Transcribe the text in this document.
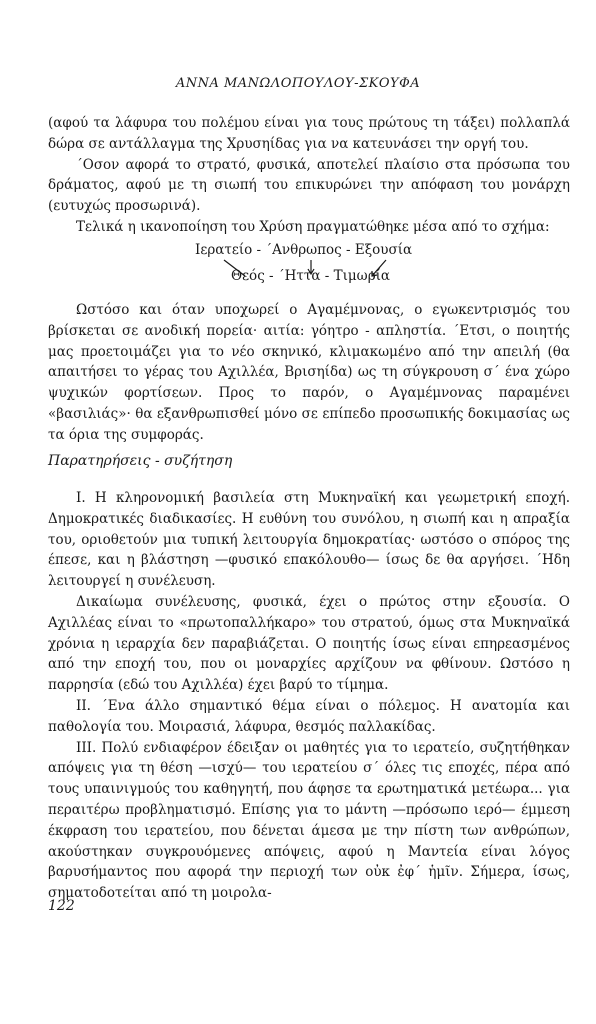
ΑΝΝΑ ΜΑΝΩΛΟΠΟΥΛΟΥ-ΣΚΟΥΦΑ

(αφού τα λάφυρα του πολέμου είναι για τους πρώτους τη τάξει) πολλαπλά δώρα σε αντάλλαγμα της Χρυσηίδας για να κατευνάσει την οργή του.

΄Οσον αφορά το στρατό, φυσικά, αποτελεί πλαίσιο στα πρόσωπα του δράματος, αφού με τη σιωπή του επικυρώνει την απόφαση του μονάρχη (ευτυχώς προσωρινά).

Τελικά η ικανοποίηση του Χρύση πραγματώθηκε μέσα από το σχήμα:

Ιερατείο - ΄Ανθρωπος - Εξουσία
Θεός - ΄Ηττα - Τιμωρία

Ωστόσο και όταν υποχωρεί ο Αγαμέμνονας, ο εγωκεντρισμός του βρίσκεται σε ανοδική πορεία· αιτία: γόητρο - απληστία. ΄Ετσι, ο ποιητής μας προετοιμάζει για το νέο σκηνικό, κλιμακωμένο από την απειλή (θα απαιτήσει το γέρας του Αχιλλέα, Βρισηίδα) ως τη σύγκρουση σ΄ ένα χώρο ψυχικών φορτίσεων. Προς το παρόν, ο Αγαμέμνονας παραμένει «βασιλιάς»· θα εξανθρωπισθεί μόνο σε επίπεδο προσωπικής δοκιμασίας ως τα όρια της συμφοράς.

Παρατηρήσεις - συζήτηση

Ι. Η κληρονομική βασιλεία στη Μυκηναϊκή και γεωμετρική εποχή. Δημοκρατικές διαδικασίες. Η ευθύνη του συνόλου, η σιωπή και η απραξία του, οριοθετούν μια τυπική λειτουργία δημοκρατίας· ωστόσο ο σπόρος της έπεσε, και η βλάστηση —φυσικό επακόλουθο— ίσως δε θα αργήσει. ΄Ηδη λειτουργεί η συνέλευση.

Δικαίωμα συνέλευσης, φυσικά, έχει ο πρώτος στην εξουσία. Ο Αχιλλέας είναι το «πρωτοπαλλήκαρο» του στρατού, όμως στα Μυκηναϊκά χρόνια η ιεραρχία δεν παραβιάζεται. Ο ποιητής ίσως είναι επηρεασμένος από την εποχή του, που οι μοναρχίες αρχίζουν να φθίνουν. Ωστόσο η παρρησία (εδώ του Αχιλλέα) έχει βαρύ το τίμημα.

ΙΙ. ΄Ενα άλλο σημαντικό θέμα είναι ο πόλεμος. Η ανατομία και παθολογία του. Μοιρασιά, λάφυρα, θεσμός παλλακίδας.

ΙΙΙ. Πολύ ενδιαφέρον έδειξαν οι μαθητές για το ιερατείο, συζητήθηκαν απόψεις για τη θέση —ισχύ— του ιερατείου σ΄ όλες τις εποχές, πέρα από τους υπαινιγμούς του καθηγητή, που άφησε τα ερωτηματικά μετέωρα... για περαιτέρω προβληματισμό. Επίσης για το μάντη —πρόσωπο ιερό— έμμεση έκφραση του ιερατείου, που δένεται άμεσα με την πίστη των ανθρώπων, ακούστηκαν συγκρουόμενες απόψεις, αφού η Μαντεία είναι λόγος βαρυσήμαντος που αφορά την περιοχή των οὐκ ἐφ΄ ἡμῖν. Σήμερα, ίσως, σηματοδοτείται από τη μοιρολα-

122
